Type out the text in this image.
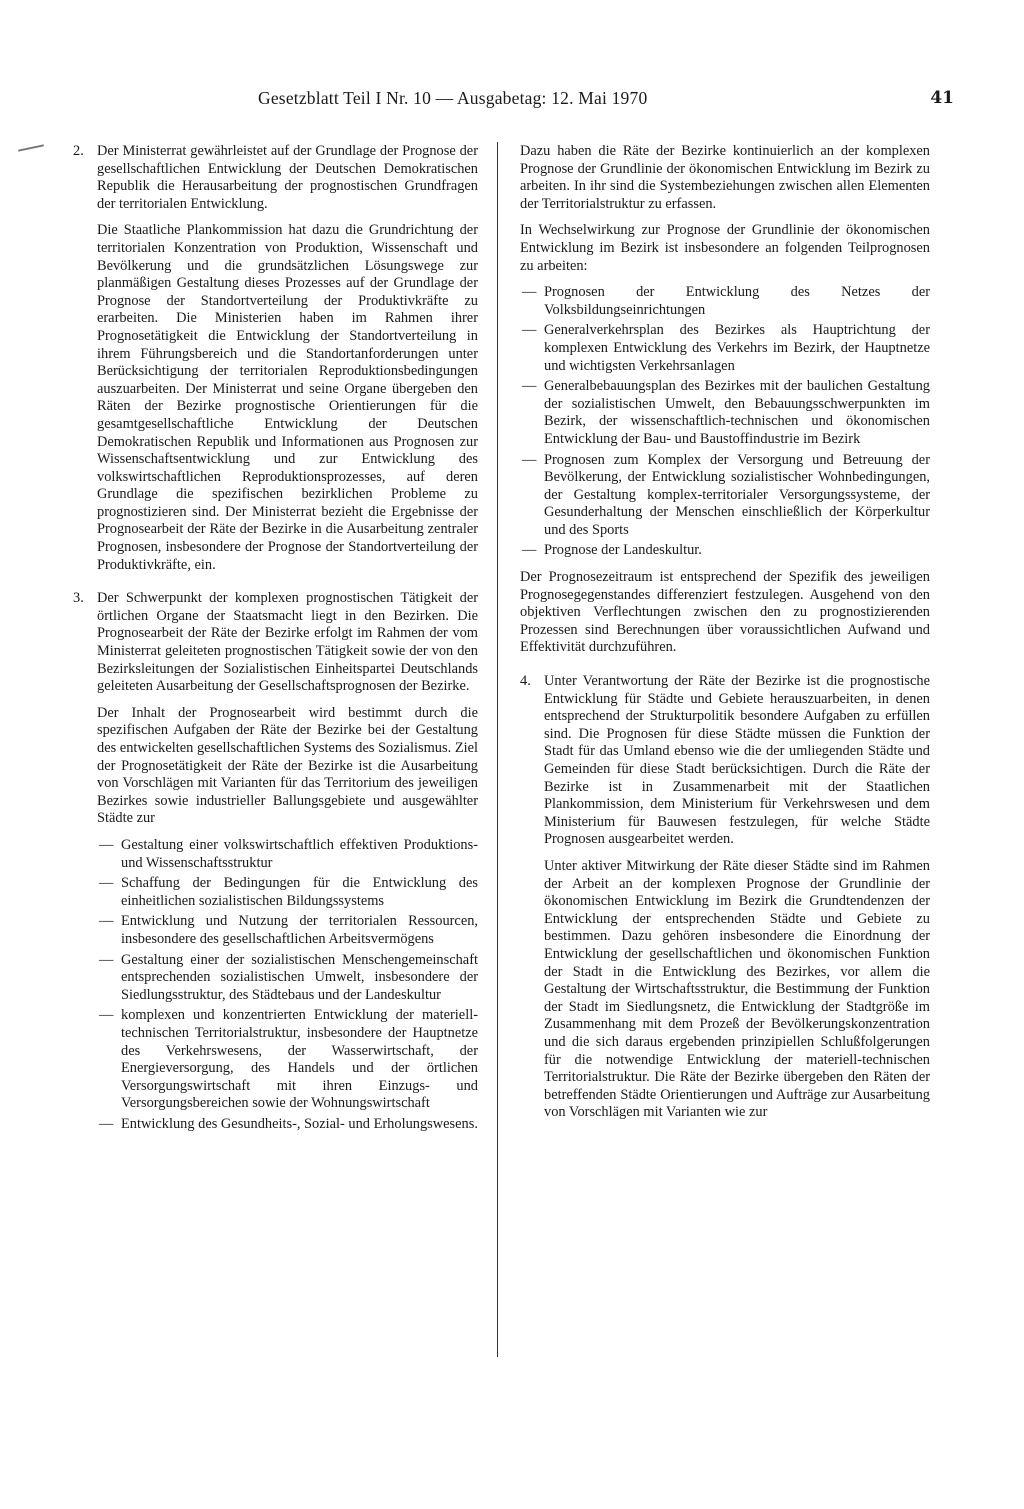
Gesetzblatt Teil I Nr. 10 — Ausgabetag: 12. Mai 1970	41
2. Der Ministerrat gewährleistet auf der Grundlage der Prognose der gesellschaftlichen Entwicklung der Deutschen Demokratischen Republik die Herausarbeitung der prognostischen Grundfragen der territorialen Entwicklung.

Die Staatliche Plankommission hat dazu die Grundrichtung der territorialen Konzentration von Produktion, Wissenschaft und Bevölkerung und die grundsätzlichen Lösungswege zur planmäßigen Gestaltung dieses Prozesses auf der Grundlage der Prognose der Standortverteilung der Produktivkräfte zu erarbeiten. Die Ministerien haben im Rahmen ihrer Prognosetätigkeit die Entwicklung der Standortverteilung in ihrem Führungsbereich und die Standortanforderungen unter Berücksichtigung der territorialen Reproduktionsbedingungen auszuarbeiten. Der Ministerrat und seine Organe übergeben den Räten der Bezirke prognostische Orientierungen für die gesamtgesellschaftliche Entwicklung der Deutschen Demokratischen Republik und Informationen aus Prognosen zur Wissenschaftsentwicklung und zur Entwicklung des volkswirtschaftlichen Reproduktionsprozesses, auf deren Grundlage die spezifischen bezirklichen Probleme zu prognostizieren sind. Der Ministerrat bezieht die Ergebnisse der Prognosearbeit der Räte der Bezirke in die Ausarbeitung zentraler Prognosen, insbesondere der Prognose der Standortverteilung der Produktivkräfte, ein.

3. Der Schwerpunkt der komplexen prognostischen Tätigkeit der örtlichen Organe der Staatsmacht liegt in den Bezirken. Die Prognosearbeit der Räte der Bezirke erfolgt im Rahmen der vom Ministerrat geleiteten prognostischen Tätigkeit sowie der von den Bezirksleitungen der Sozialistischen Einheitspartei Deutschlands geleiteten Ausarbeitung der Gesellschaftsprognosen der Bezirke.

Der Inhalt der Prognosearbeit wird bestimmt durch die spezifischen Aufgaben der Räte der Bezirke bei der Gestaltung des entwickelten gesellschaftlichen Systems des Sozialismus. Ziel der Prognosetätigkeit der Räte der Bezirke ist die Ausarbeitung von Vorschlägen mit Varianten für das Territorium des jeweiligen Bezirkes sowie industrieller Ballungsgebiete und ausgewählter Städte zur

— Gestaltung einer volkswirtschaftlich effektiven Produktions- und Wissenschaftsstruktur
— Schaffung der Bedingungen für die Entwicklung des einheitlichen sozialistischen Bildungssystems
— Entwicklung und Nutzung der territorialen Ressourcen, insbesondere des gesellschaftlichen Arbeitsvermögens
— Gestaltung einer der sozialistischen Menschengemeinschaft entsprechenden sozialistischen Umwelt, insbesondere der Siedlungsstruktur, des Städtebaus und der Landeskultur
— komplexen und konzentrierten Entwicklung der materiell-technischen Territorialstruktur, insbesondere der Hauptnetze des Verkehrswesens, der Wasserwirtschaft, der Energieversorgung, des Handels und der örtlichen Versorgungswirtschaft mit ihren Einzugs- und Versorgungsbereichen sowie der Wohnungswirtschaft
— Entwicklung des Gesundheits-, Sozial- und Erholungswesens.

Dazu haben die Räte der Bezirke kontinuierlich an der komplexen Prognose der Grundlinie der ökonomischen Entwicklung im Bezirk zu arbeiten. In ihr sind die Systembeziehungen zwischen allen Elementen der Territorialstruktur zu erfassen.

In Wechselwirkung zur Prognose der Grundlinie der ökonomischen Entwicklung im Bezirk ist insbesondere an folgenden Teilprognosen zu arbeiten:

— Prognosen der Entwicklung des Netzes der Volksbildungseinrichtungen
— Generalverkehrsplan des Bezirkes als Hauptrichtung der komplexen Entwicklung des Verkehrs im Bezirk, der Hauptnetze und wichtigsten Verkehrsanlagen
— Generalbebauungsplan des Bezirkes mit der baulichen Gestaltung der sozialistischen Umwelt, den Bebauungsschwerpunkten im Bezirk, der wissenschaftlich-technischen und ökonomischen Entwicklung der Bau- und Baustoffindustrie im Bezirk
— Prognosen zum Komplex der Versorgung und Betreuung der Bevölkerung, der Entwicklung sozialistischer Wohnbedingungen, der Gestaltung komplex-territorialer Versorgungssysteme, der Gesunderhaltung der Menschen einschließlich der Körperkultur und des Sports
— Prognose der Landeskultur.

Der Prognosezeitraum ist entsprechend der Spezifik des jeweiligen Prognosegegenstandes differenziert festzulegen. Ausgehend von den objektiven Verflechtungen zwischen den zu prognostizierenden Prozessen sind Berechnungen über voraussichtlichen Aufwand und Effektivität durchzuführen.

4. Unter Verantwortung der Räte der Bezirke ist die prognostische Entwicklung für Städte und Gebiete herauszuarbeiten, in denen entsprechend der Strukturpolitik besondere Aufgaben zu erfüllen sind. Die Prognosen für diese Städte müssen die Funktion der Stadt für das Umland ebenso wie die der umliegenden Städte und Gemeinden für diese Stadt berücksichtigen. Durch die Räte der Bezirke ist in Zusammenarbeit mit der Staatlichen Plankommission, dem Ministerium für Verkehrswesen und dem Ministerium für Bauwesen festzulegen, für welche Städte Prognosen ausgearbeitet werden.

Unter aktiver Mitwirkung der Räte dieser Städte sind im Rahmen der Arbeit an der komplexen Prognose der Grundlinie der ökonomischen Entwicklung im Bezirk die Grundtendenzen der Entwicklung der entsprechenden Städte und Gebiete zu bestimmen. Dazu gehören insbesondere die Einordnung der Entwicklung der gesellschaftlichen und ökonomischen Funktion der Stadt in die Entwicklung des Bezirkes, vor allem die Gestaltung der Wirtschaftsstruktur, die Bestimmung der Funktion der Stadt im Siedlungsnetz, die Entwicklung der Stadtgröße im Zusammenhang mit dem Prozeß der Bevölkerungskonzentration und die sich daraus ergebenden prinzipiellen Schlußfolgerungen für die notwendige Entwicklung der materiell-technischen Territorialstruktur. Die Räte der Bezirke übergeben den Räten der betreffenden Städte Orientierungen und Aufträge zur Ausarbeitung von Vorschlägen mit Varianten wie zur
